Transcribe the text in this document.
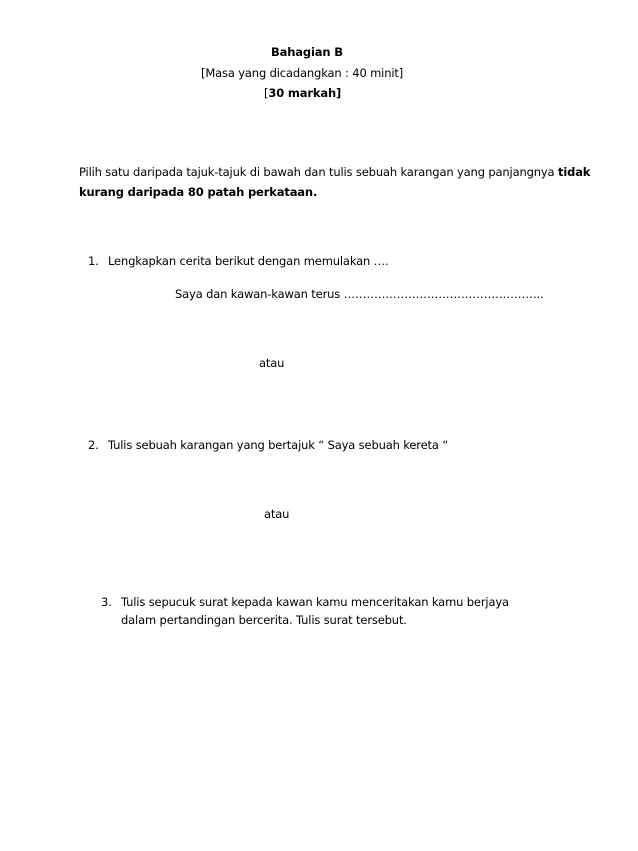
Bahagian B
[Masa yang dicadangkan : 40 minit]
[30 markah]
Pilih satu daripada tajuk-tajuk di bawah dan tulis sebuah karangan yang panjangnya tidak
kurang daripada 80 patah perkataan.
1. Lengkapkan cerita berikut dengan memulakan ….
Saya dan kawan-kawan terus ……………………………………………..
atau
2. Tulis sebuah karangan yang bertajuk “ Saya sebuah kereta “
atau
3. Tulis sepucuk surat kepada kawan kamu menceritakan kamu berjaya
dalam pertandingan bercerita. Tulis surat tersebut.
